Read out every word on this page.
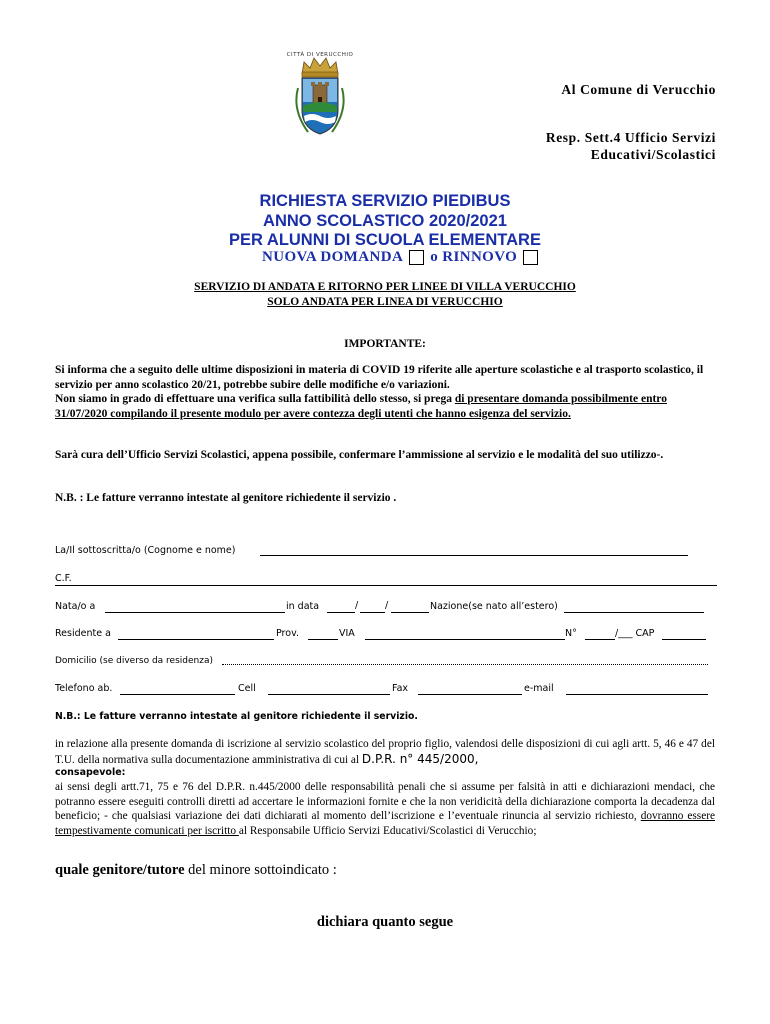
CITTÀ DI VERUCCHIO
Al Comune di Verucchio
Resp. Sett.4 Ufficio Servizi
Educativi/Scolastici
RICHIESTA SERVIZIO PIEDIBUS
ANNO SCOLASTICO 2020/2021
PER ALUNNI DI SCUOLA ELEMENTARE
NUOVA DOMANDA o RINNOVO
SERVIZIO DI ANDATA E RITORNO PER LINEE DI VILLA VERUCCHIO
SOLO ANDATA PER LINEA DI VERUCCHIO
IMPORTANTE:
Si informa che a seguito delle ultime disposizioni in materia di COVID 19 riferite alle aperture scolastiche e al trasporto scolastico, il servizio per anno scolastico 20/21, potrebbe subire delle modifiche e/o variazioni.
Non siamo in grado di effettuare una verifica sulla fattibilità dello stesso, si prega di presentare domanda possibilmente entro 31/07/2020 compilando il presente modulo per avere contezza degli utenti che hanno esigenza del servizio.
Sarà cura dell’Ufficio Servizi Scolastici, appena possibile, confermare l’ammissione al servizio e le modalità del suo utilizzo-.
N.B. : Le fatture verranno intestate al genitore richiedente il servizio .
La/Il sottoscritta/o (Cognome e nome)
C.F.
Nata/o a	in data	/	/	Nazione(se nato all’estero)
Residente a	Prov.	VIA	N°	/___ CAP
Domicilio (se diverso da residenza)
Telefono ab.	Cell	Fax	e-mail
N.B.: Le fatture verranno intestate al genitore richiedente il servizio.
in relazione alla presente domanda di iscrizione al servizio scolastico del proprio figlio, valendosi delle disposizioni di cui agli artt. 5, 46 e 47 del T.U. della normativa sulla documentazione amministrativa di cui al D.P.R. n° 445/2000,
consapevole:
ai sensi degli artt.71, 75 e 76 del D.P.R. n.445/2000 delle responsabilità penali che si assume per falsità in atti e dichiarazioni mendaci, che potranno essere eseguiti controlli diretti ad accertare le informazioni fornite e che la non veridicità della dichiarazione comporta la decadenza dal beneficio; - che qualsiasi variazione dei dati dichiarati al momento dell’iscrizione e l’eventuale rinuncia al servizio richiesto, dovranno essere tempestivamente comunicati per iscritto al Responsabile Ufficio Servizi Educativi/Scolastici di Verucchio;
quale genitore/tutore del minore sottoindicato :
dichiara quanto segue
